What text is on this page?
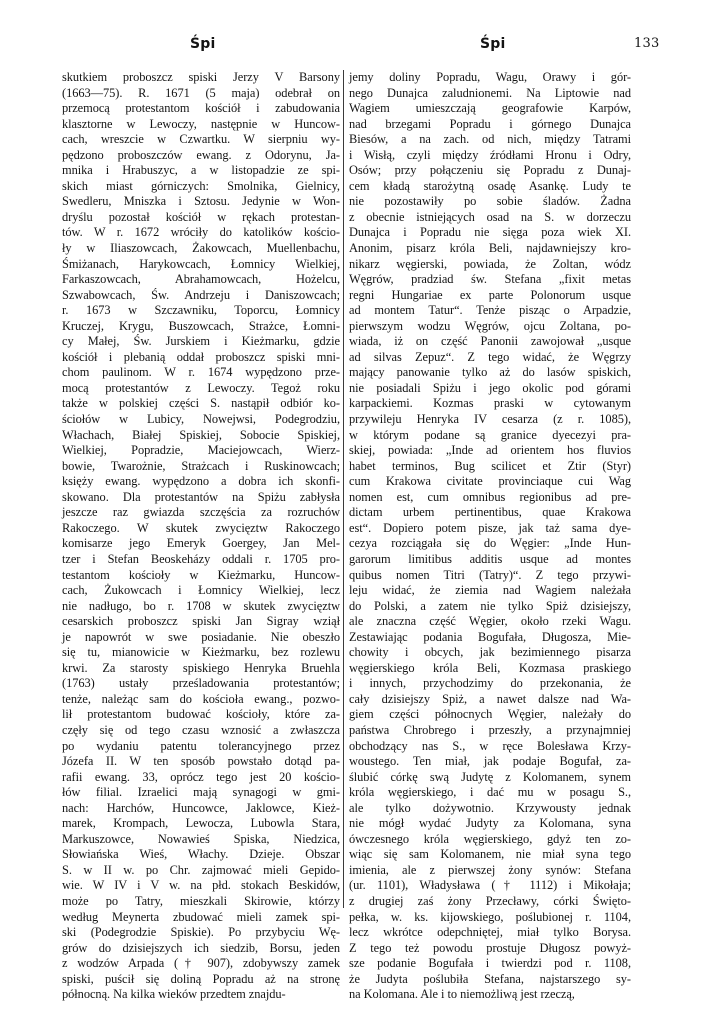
Śpi	Śpi	133
skutkiem proboszcz spiski Jerzy V Barsony
(1663—75). R. 1671 (5 maja) odebrał on
przemocą protestantom kościół i zabudowania
klasztorne w Lewoczy, następnie w Huncow-
cach, wreszcie w Czwartku. W sierpniu wy-
pędzono proboszczów ewang. z Odorynu, Ja-
mnika i Hrabuszyc, a w listopadzie ze spi-
skich miast górniczych: Smolnika, Gielnicy,
Swedleru, Mniszka i Sztosu. Jedynie w Won-
dryślu pozostał kościół w rękach protestan-
tów. W r. 1672 wróciły do katolików kościo-
ły w Iliaszowcach, Żakowcach, Muellenbachu,
Śmiżanach, Harykowcach, Łomnicy Wielkiej,
Farkaszowcach, Abrahamowcach, Hożelcu,
Szwabowcach, Św. Andrzeju i Daniszowcach;
r. 1673 w Szczawniku, Toporcu, Łomnicy
Kruczej, Krygu, Buszowcach, Strażce, Łomni-
cy Małej, Św. Jurskiem i Kieżmarku, gdzie
kościół i plebanią oddał proboszcz spiski mni-
chom paulinom. W r. 1674 wypędzono prze-
mocą protestantów z Lewoczy. Tegoż roku
także w polskiej części S. nastąpił odbiór ko-
ściołów w Lubicy, Nowejwsi, Podegrodziu,
Włachach, Białej Spiskiej, Sobocie Spiskiej,
Wielkiej, Popradzie, Maciejowcach, Wierz-
bowie, Twarożnie, Strażcach i Ruskinowcach;
księży ewang. wypędzono a dobra ich skonfi-
skowano. Dla protestantów na Spiżu zabłysła
jeszcze raz gwiazda szczęścia za rozruchów
Rakoczego. W skutek zwycięztw Rakoczego
komisarze jego Emeryk Goergey, Jan Mel-
tzer i Stefan Beoskeházy oddali r. 1705 pro-
testantom kościoły w Kieżmarku, Huncow-
cach, Żukowcach i Łomnicy Wielkiej, lecz
nie nadługo, bo r. 1708 w skutek zwycięztw
cesarskich proboszcz spiski Jan Sigray wziął
je napowrót w swe posiadanie. Nie obeszło
się tu, mianowicie w Kieżmarku, bez rozlewu
krwi. Za starosty spiskiego Henryka Bruehla
(1763) ustały prześladowania protestantów;
tenże, należąc sam do kościoła ewang., pozwo-
lił protestantom budować kościoły, które za-
częły się od tego czasu wznosić a zwłaszcza
po wydaniu patentu tolerancyjnego przez
Józefa II. W ten sposób powstało dotąd pa-
rafii ewang. 33, oprócz tego jest 20 kościo-
łów filial. Izraelici mają synagogi w gmi-
nach: Harchów, Huncowce, Jaklowce, Kież-
marek, Krompach, Lewocza, Lubowla Stara,
Markuszowce, Nowawieś Spiska, Niedzica,
Słowiańska Wieś, Włachy. Dzieje. Obszar
S. w II w. po Chr. zajmować mieli Gepido-
wie. W IV i V w. na płd. stokach Beskidów,
może po Tatry, mieszkali Skirowie, którzy
według Meynerta zbudować mieli zamek spi-
ski (Podegrodzie Spiskie). Po przybyciu Wę-
grów do dzisiejszych ich siedzib, Borsu, jeden
z wodzów Arpada († 907), zdobywszy zamek
spiski, puścił się doliną Popradu aż na stronę
północną. Na kilka wieków przedtem znajdu-
jemy doliny Popradu, Wagu, Orawy i gór-
nego Dunajca zaludnionemi. Na Liptowie nad
Wagiem umieszczają geografowie Karpów,
nad brzegami Popradu i górnego Dunajca
Biesów, a na zach. od nich, między Tatrami
i Wisłą, czyli między źródłami Hronu i Odry,
Osów; przy połączeniu się Popradu z Dunaj-
cem kładą starożytną osadę Asankę. Ludy te
nie pozostawiły po sobie śladów. Żadna
z obecnie istniejących osad na S. w dorzeczu
Dunajca i Popradu nie sięga poza wiek XI.
Anonim, pisarz króla Beli, najdawniejszy kro-
nikarz węgierski, powiada, że Zoltan, wódz
Węgrów, pradziad św. Stefana „fixit metas
regni Hungariae ex parte Polonorum usque
ad montem Tatur“. Tenże pisząc o Arpadzie,
pierwszym wodzu Węgrów, ojcu Zoltana, po-
wiada, iż on część Panonii zawojował „usque
ad silvas Zepuz“. Z tego widać, że Węgrzy
mający panowanie tylko aż do lasów spiskich,
nie posiadali Spiżu i jego okolic pod górami
karpackiemi. Kozmas praski w cytowanym
przywileju Henryka IV cesarza (z r. 1085),
w którym podane są granice dyecezyi pra-
skiej, powiada: „Inde ad orientem hos fluvios
habet terminos, Bug scilicet et Ztir (Styr)
cum Krakowa civitate provinciaque cui Wag
nomen est, cum omnibus regionibus ad pre-
dictam urbem pertinentibus, quae Krakowa
est“. Dopiero potem pisze, jak taż sama dye-
cezya rozciągała się do Węgier: „Inde Hun-
garorum limitibus additis usque ad montes
quibus nomen Titri (Tatry)“. Z tego przywi-
leju widać, że ziemia nad Wagiem należała
do Polski, a zatem nie tylko Spiż dzisiejszy,
ale znaczna część Węgier, około rzeki Wagu.
Zestawiając podania Bogufała, Długosza, Mie-
chowity i obcych, jak bezimiennego pisarza
węgierskiego króla Beli, Kozmasa praskiego
i innych, przychodzimy do przekonania, że
cały dzisiejszy Spiż, a nawet dalsze nad Wa-
giem części północnych Węgier, należały do
państwa Chrobrego i przeszły, a przynajmniej
obchodzący nas S., w ręce Bolesława Krzy-
woustego. Ten miał, jak podaje Bogufał, za-
ślubić córkę swą Judytę z Kolomanem, synem
króla węgierskiego, i dać mu w posagu S.,
ale tylko dożywotnio. Krzywousty jednak
nie mógł wydać Judyty za Kolomana, syna
ówczesnego króla węgierskiego, gdyż ten zo-
wiąc się sam Kolomanem, nie miał syna tego
imienia, ale z pierwszej żony synów: Stefana
(ur. 1101), Władysława († 1112) i Mikołaja;
z drugiej zaś żony Przecławy, córki Święto-
pełka, w. ks. kijowskiego, poślubionej r. 1104,
lecz wkrótce odepchniętej, miał tylko Borysa.
Z tego też powodu prostuje Długosz powyż-
sze podanie Bogufała i twierdzi pod r. 1108,
że Judyta poślubiła Stefana, najstarszego sy-
na Kolomana. Ale i to niemożliwą jest rzeczą,
